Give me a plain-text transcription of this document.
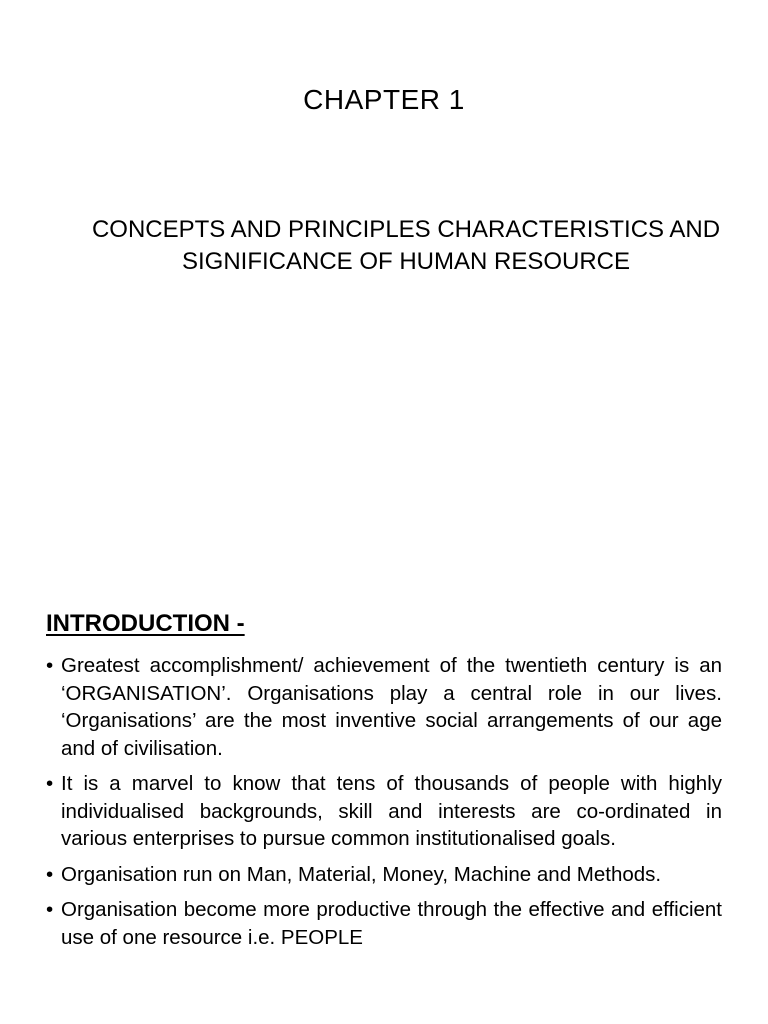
CHAPTER 1
CONCEPTS AND PRINCIPLES CHARACTERISTICS AND
SIGNIFICANCE OF HUMAN RESOURCE
INTRODUCTION -
• Greatest accomplishment/ achievement of the twentieth century is an ‘ORGANISATION’. Organisations play a central role in our lives. ‘Organisations’ are the most inventive social arrangements of our age and of civilisation.
• It is a marvel to know that tens of thousands of people with highly individualised backgrounds, skill and interests are co-ordinated in various enterprises to pursue common institutionalised goals.
• Organisation run on Man, Material, Money, Machine and Methods.
• Organisation become more productive through the effective and efficient use of one resource i.e. PEOPLE
